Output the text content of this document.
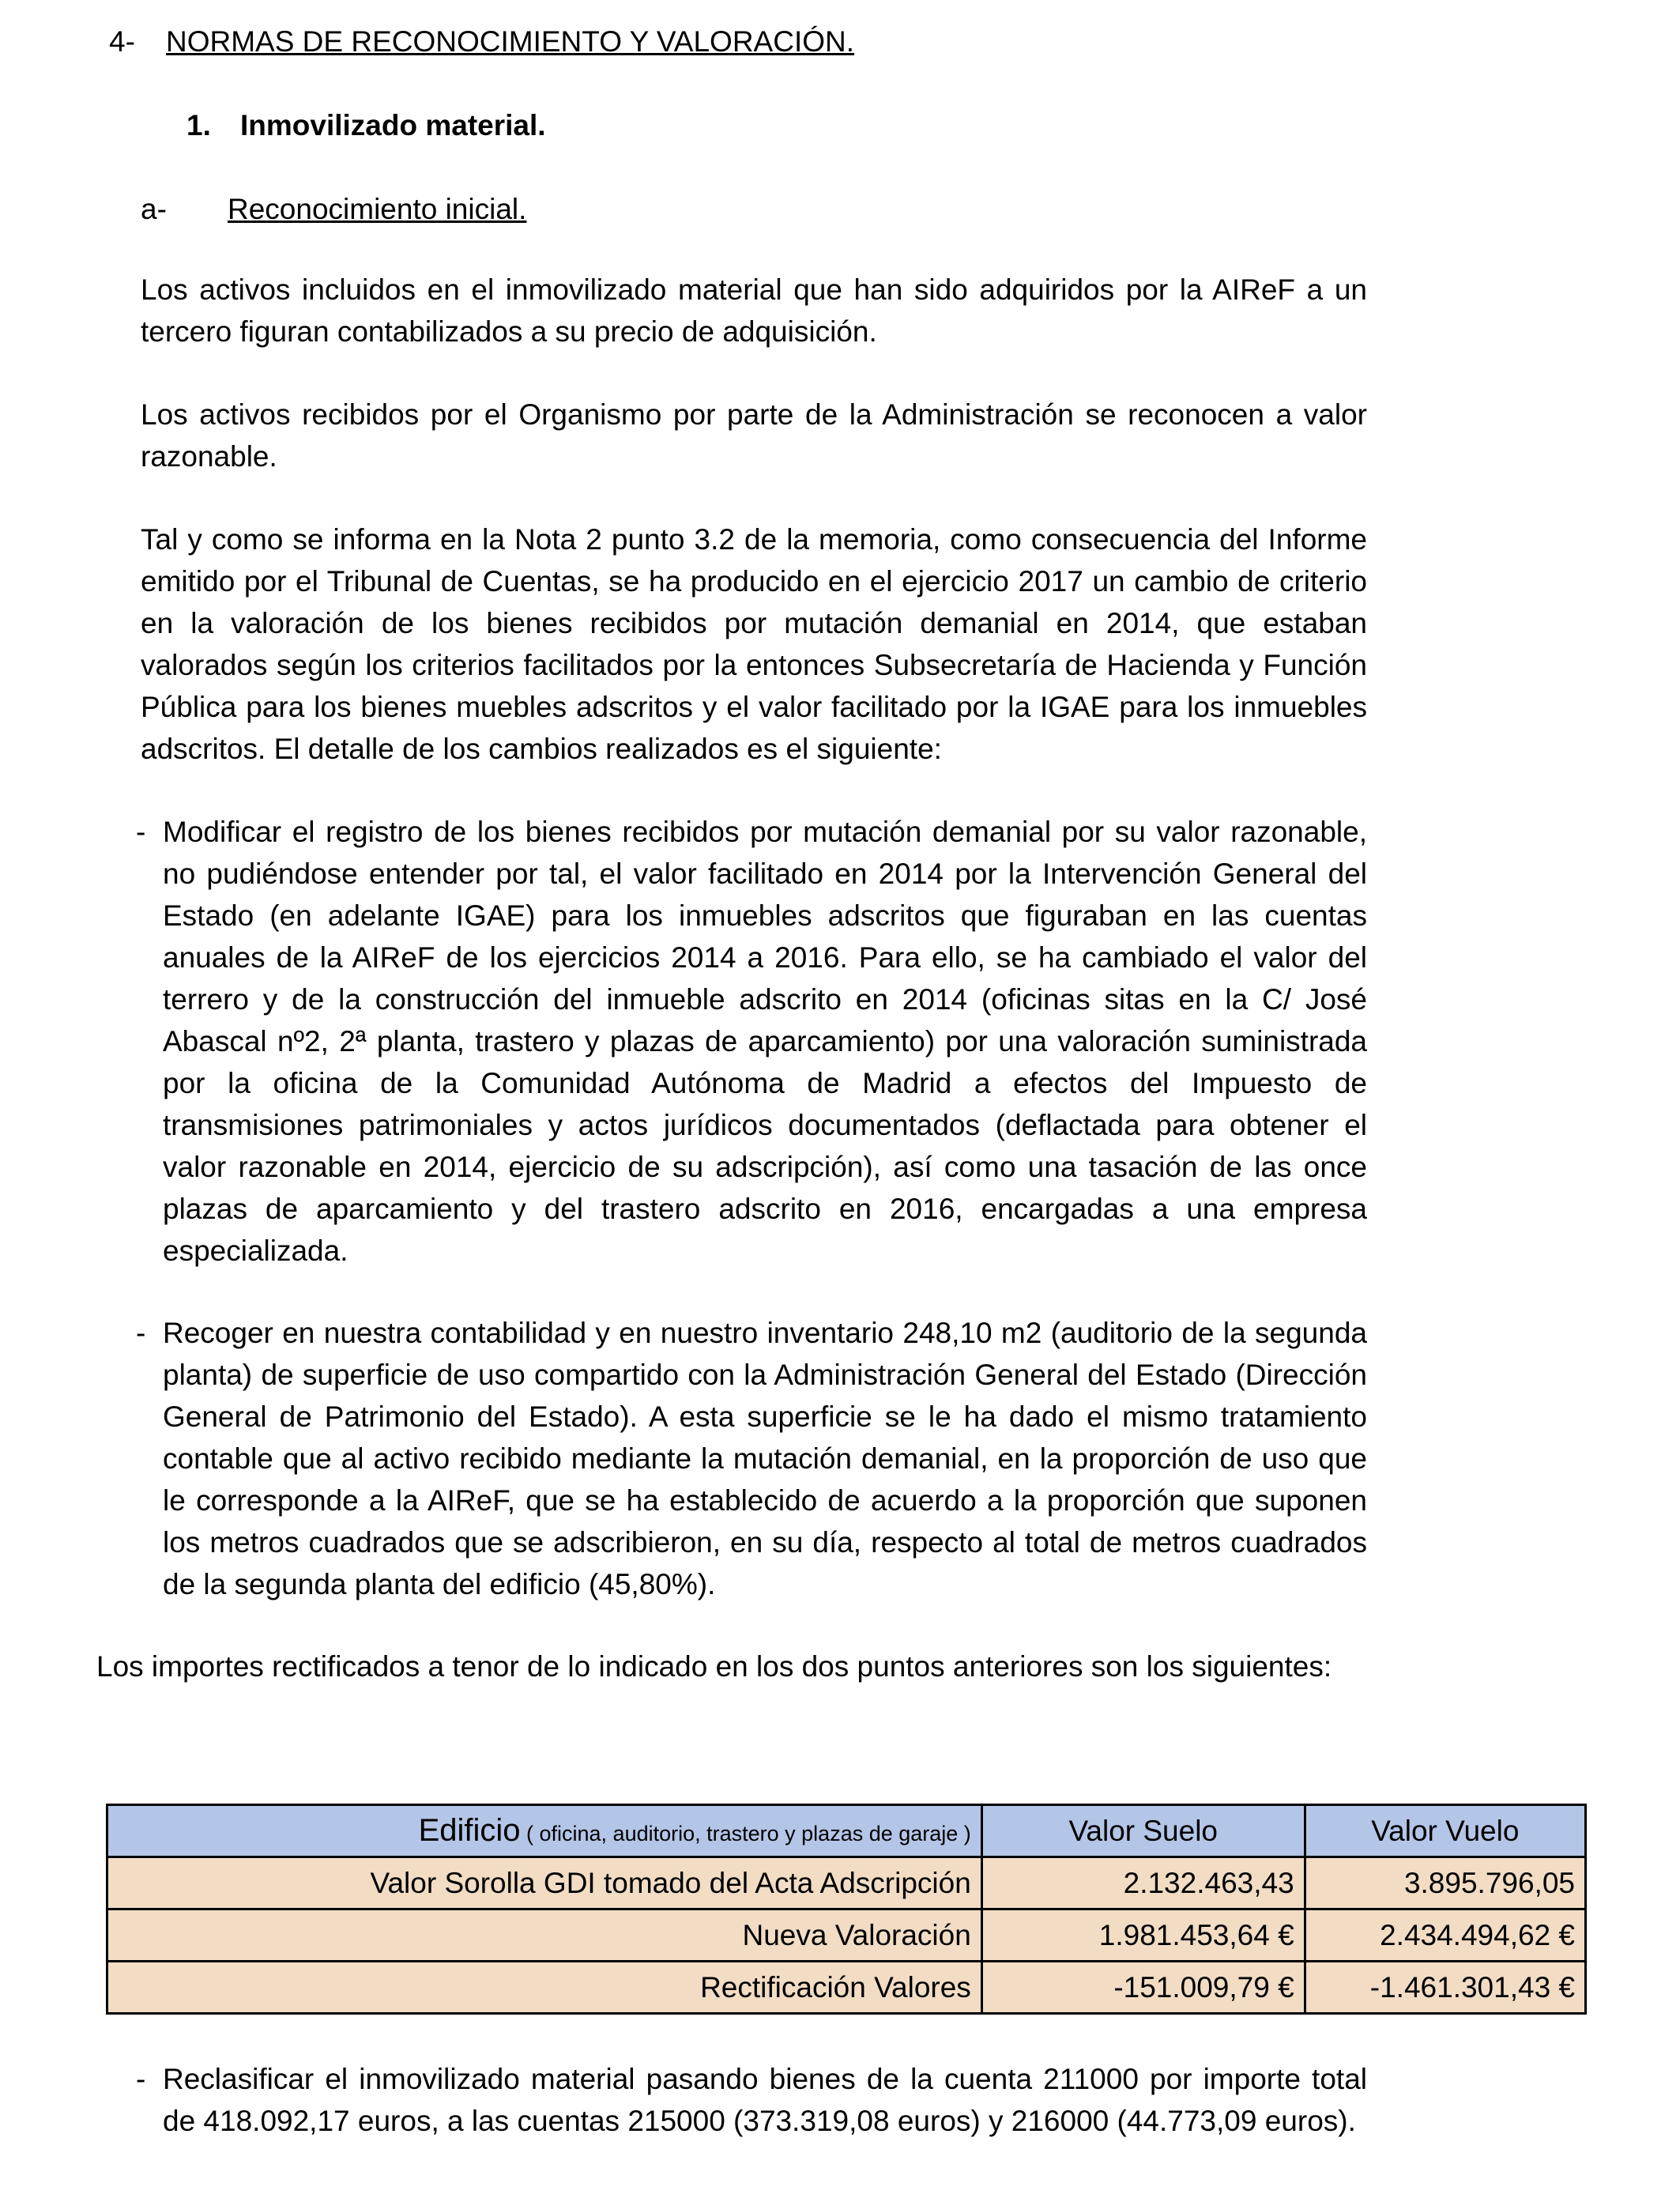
4- NORMAS DE RECONOCIMIENTO Y VALORACIÓN.
1. Inmovilizado material.
a- Reconocimiento inicial.

Los activos incluidos en el inmovilizado material que han sido adquiridos por la AIReF a un tercero figuran contabilizados a su precio de adquisición.

Los activos recibidos por el Organismo por parte de la Administración se reconocen a valor razonable.

Tal y como se informa en la Nota 2 punto 3.2 de la memoria, como consecuencia del Informe emitido por el Tribunal de Cuentas, se ha producido en el ejercicio 2017 un cambio de criterio en la valoración de los bienes recibidos por mutación demanial en 2014, que estaban valorados según los criterios facilitados por la entonces Subsecretaría de Hacienda y Función Pública para los bienes muebles adscritos y el valor facilitado por la IGAE para los inmuebles adscritos. El detalle de los cambios realizados es el siguiente:

- Modificar el registro de los bienes recibidos por mutación demanial por su valor razonable, no pudiéndose entender por tal, el valor facilitado en 2014 por la Intervención General del Estado (en adelante IGAE) para los inmuebles adscritos que figuraban en las cuentas anuales de la AIReF de los ejercicios 2014 a 2016. Para ello, se ha cambiado el valor del terrero y de la construcción del inmueble adscrito en 2014 (oficinas sitas en la C/ José Abascal nº2, 2ª planta, trastero y plazas de aparcamiento) por una valoración suministrada por la oficina de la Comunidad Autónoma de Madrid a efectos del Impuesto de transmisiones patrimoniales y actos jurídicos documentados (deflactada para obtener el valor razonable en 2014, ejercicio de su adscripción), así como una tasación de las once plazas de aparcamiento y del trastero adscrito en 2016, encargadas a una empresa especializada.
- Recoger en nuestra contabilidad y en nuestro inventario 248,10 m2 (auditorio de la segunda planta) de superficie de uso compartido con la Administración General del Estado (Dirección General de Patrimonio del Estado). A esta superficie se le ha dado el mismo tratamiento contable que al activo recibido mediante la mutación demanial, en la proporción de uso que le corresponde a la AIReF, que se ha establecido de acuerdo a la proporción que suponen los metros cuadrados que se adscribieron, en su día, respecto al total de metros cuadrados de la segunda planta del edificio (45,80%).

Los importes rectificados a tenor de lo indicado en los dos puntos anteriores son los siguientes:

Edificio ( oficina, auditorio, trastero y plazas de garaje )	Valor Suelo	Valor Vuelo
Valor Sorolla GDI tomado del Acta Adscripción	2.132.463,43	3.895.796,05
Nueva Valoración	1.981.453,64 €	2.434.494,62 €
Rectificación Valores	-151.009,79 €	-1.461.301,43 €
- Reclasificar el inmovilizado material pasando bienes de la cuenta 211000 por importe total de 418.092,17 euros, a las cuentas 215000 (373.319,08 euros) y 216000 (44.773,09 euros).
